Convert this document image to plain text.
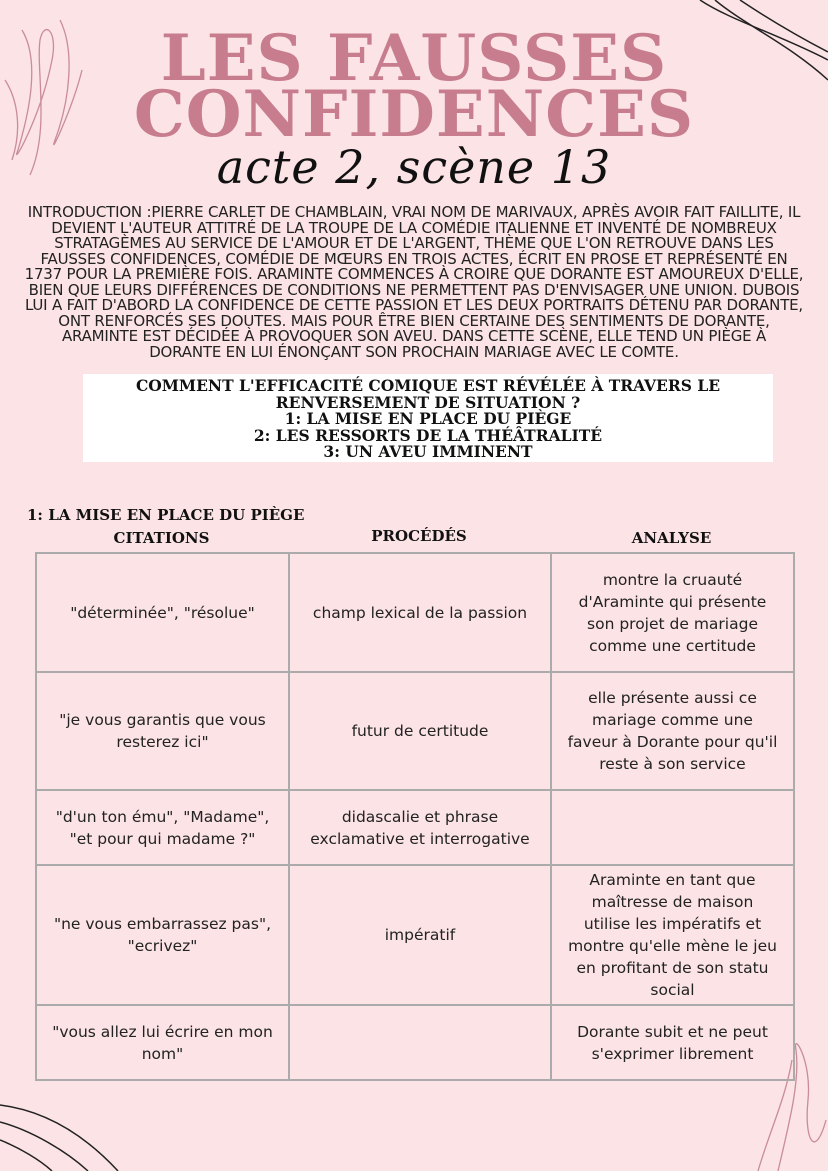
LES FAUSSES
CONFIDENCES
acte 2, scène 13

INTRODUCTION :PIERRE CARLET DE CHAMBLAIN, VRAI NOM DE MARIVAUX, APRÈS AVOIR FAIT FAILLITE, IL DEVIENT L'AUTEUR ATTITRÉ DE LA TROUPE DE LA COMÉDIE ITALIENNE ET INVENTÉ DE NOMBREUX STRATAGÈMES AU SERVICE DE L'AMOUR ET DE L'ARGENT, THÈME QUE L'ON RETROUVE DANS LES FAUSSES CONFIDENCES, COMÉDIE DE MŒURS EN TROIS ACTES, ÉCRIT EN PROSE ET REPRÉSENTÉ EN 1737 POUR LA PREMIÈRE FOIS. ARAMINTE COMMENCES À CROIRE QUE DORANTE EST AMOUREUX D'ELLE, BIEN QUE LEURS DIFFÉRENCES DE CONDITIONS NE PERMETTENT PAS D'ENVISAGER UNE UNION. DUBOIS LUI A FAIT D'ABORD LA CONFIDENCE DE CETTE PASSION ET LES DEUX PORTRAITS DÉTENU PAR DORANTE, ONT RENFORCÉS SES DOUTES. MAIS POUR ÊTRE BIEN CERTAINE DES SENTIMENTS DE DORANTE, ARAMINTE EST DÉCIDÉE À PROVOQUER SON AVEU. DANS CETTE SCÈNE, ELLE TEND UN PIÈGE À DORANTE EN LUI ÉNONÇANT SON PROCHAIN MARIAGE AVEC LE COMTE.

COMMENT L'EFFICACITÉ COMIQUE EST RÉVÉLÉE À TRAVERS LE RENVERSEMENT DE SITUATION ?
1: LA MISE EN PLACE DU PIÈGE
2: LES RESSORTS DE LA THÉÂTRALITÉ
3: UN AVEU IMMINENT
1: LA MISE EN PLACE DU PIÈGE
CITATIONS	PROCÉDÉS	ANALYSE
"déterminée", "résolue"	champ lexical de la passion	montre la cruauté d'Araminte qui présente son projet de mariage comme une certitude
"je vous garantis que vous resterez ici"	futur de certitude	elle présente aussi ce mariage comme une faveur à Dorante pour qu'il reste à son service
"d'un ton ému", "Madame", "et pour qui madame ?"	didascalie et phrase exclamative et interrogative	
"ne vous embarrassez pas", "ecrivez"	impératif	Araminte en tant que maîtresse de maison utilise les impératifs et montre qu'elle mène le jeu en profitant de son statu social
"vous allez lui écrire en mon nom"		Dorante subit et ne peut s'exprimer librement
